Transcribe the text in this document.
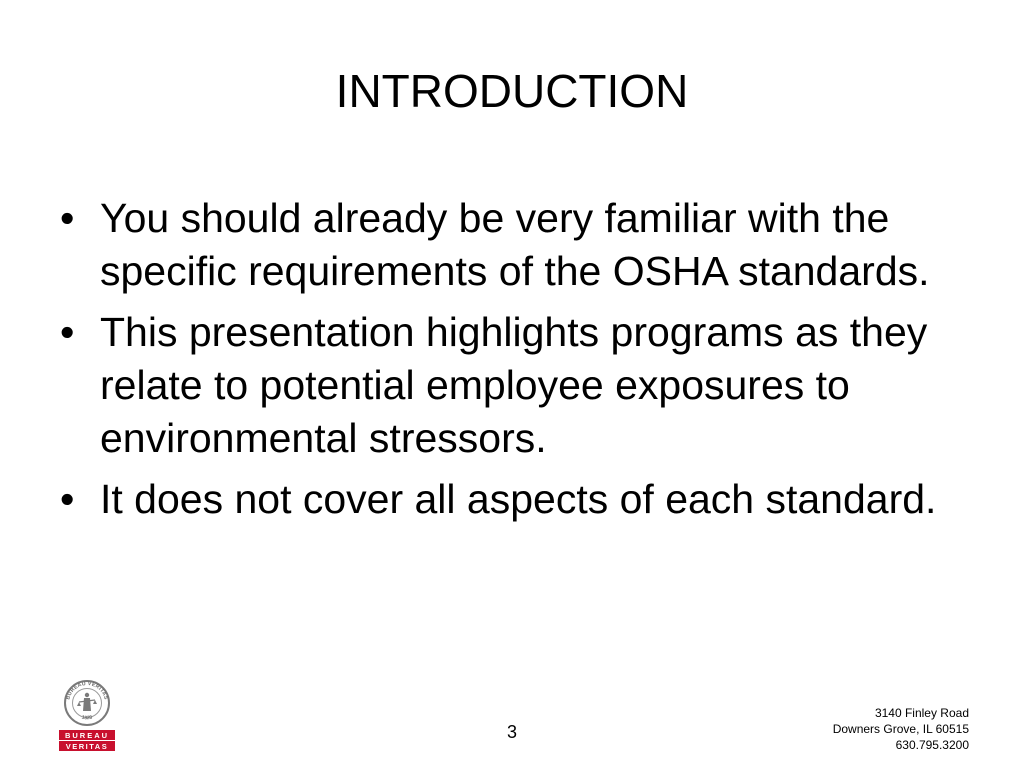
INTRODUCTION
• You should already be very familiar with the specific requirements of the OSHA standards.
• This presentation highlights programs as they relate to potential employee exposures to environmental stressors.
• It does not cover all aspects of each standard.
BUREAU VERITAS
1828
BUREAU
VERITAS
3
3140 Finley Road
Downers Grove, IL 60515
630.795.3200
